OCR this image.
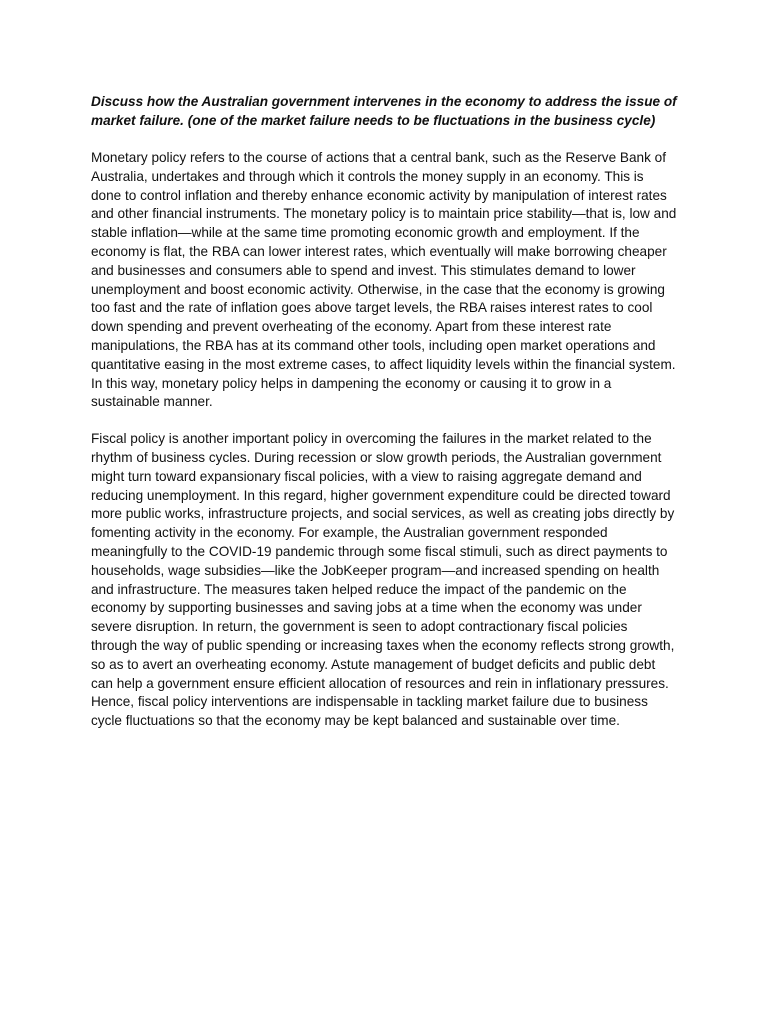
Discuss how the Australian government intervenes in the economy to address the issue of market failure. (one of the market failure needs to be fluctuations in the business cycle)

Monetary policy refers to the course of actions that a central bank, such as the Reserve Bank of Australia, undertakes and through which it controls the money supply in an economy. This is done to control inflation and thereby enhance economic activity by manipulation of interest rates and other financial instruments. The monetary policy is to maintain price stability—that is, low and stable inflation—while at the same time promoting economic growth and employment. If the economy is flat, the RBA can lower interest rates, which eventually will make borrowing cheaper and businesses and consumers able to spend and invest. This stimulates demand to lower unemployment and boost economic activity. Otherwise, in the case that the economy is growing too fast and the rate of inflation goes above target levels, the RBA raises interest rates to cool down spending and prevent overheating of the economy. Apart from these interest rate manipulations, the RBA has at its command other tools, including open market operations and quantitative easing in the most extreme cases, to affect liquidity levels within the financial system. In this way, monetary policy helps in dampening the economy or causing it to grow in a sustainable manner.

Fiscal policy is another important policy in overcoming the failures in the market related to the rhythm of business cycles. During recession or slow growth periods, the Australian government might turn toward expansionary fiscal policies, with a view to raising aggregate demand and reducing unemployment. In this regard, higher government expenditure could be directed toward more public works, infrastructure projects, and social services, as well as creating jobs directly by fomenting activity in the economy. For example, the Australian government responded meaningfully to the COVID-19 pandemic through some fiscal stimuli, such as direct payments to households, wage subsidies—like the JobKeeper program—and increased spending on health and infrastructure. The measures taken helped reduce the impact of the pandemic on the economy by supporting businesses and saving jobs at a time when the economy was under severe disruption. In return, the government is seen to adopt contractionary fiscal policies through the way of public spending or increasing taxes when the economy reflects strong growth, so as to avert an overheating economy. Astute management of budget deficits and public debt can help a government ensure efficient allocation of resources and rein in inflationary pressures. Hence, fiscal policy interventions are indispensable in tackling market failure due to business cycle fluctuations so that the economy may be kept balanced and sustainable over time.
